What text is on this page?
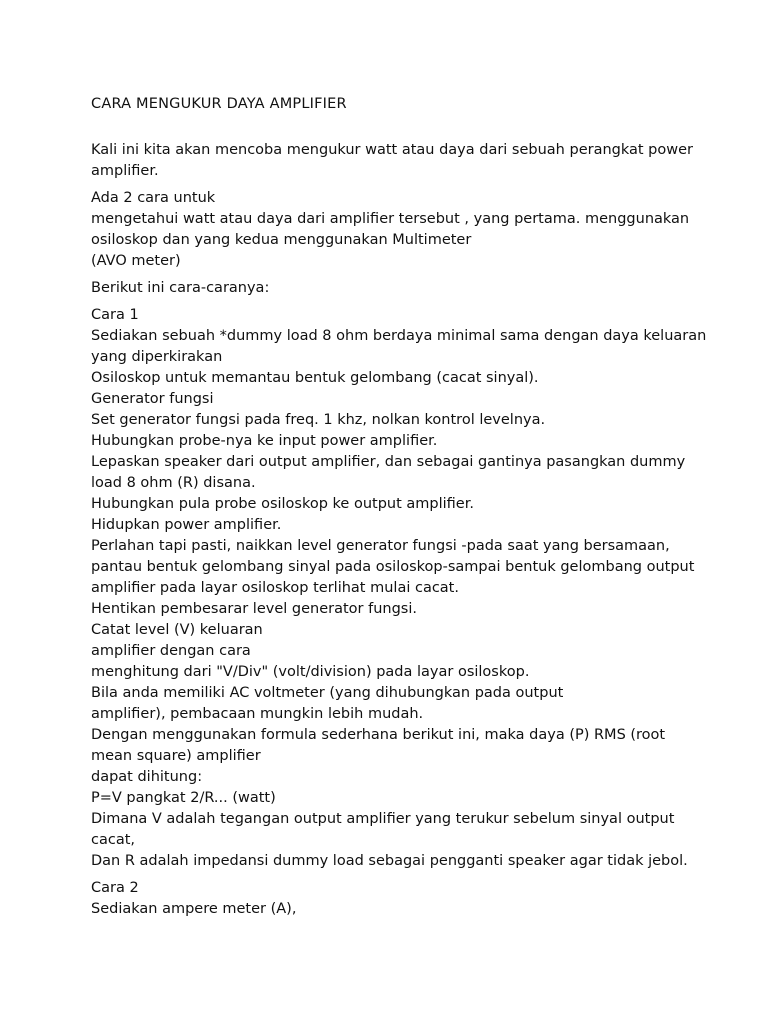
CARA MENGUKUR DAYA AMPLIFIER

Kali ini kita akan mencoba mengukur watt atau daya dari sebuah perangkat power
amplifier.

Ada 2 cara untuk
mengetahui watt atau daya dari amplifier tersebut , yang pertama. menggunakan
osiloskop dan yang kedua menggunakan Multimeter
(AVO meter)

Berikut ini cara-caranya:

Cara 1
Sediakan sebuah *dummy load 8 ohm berdaya minimal sama dengan daya keluaran
yang diperkirakan
Osiloskop untuk memantau bentuk gelombang (cacat sinyal).
Generator fungsi
Set generator fungsi pada freq. 1 khz, nolkan kontrol levelnya.
Hubungkan probe-nya ke input power amplifier.
Lepaskan speaker dari output amplifier, dan sebagai gantinya pasangkan dummy
load 8 ohm (R) disana.
Hubungkan pula probe osiloskop ke output amplifier.
Hidupkan power amplifier.
Perlahan tapi pasti, naikkan level generator fungsi -pada saat yang bersamaan,
pantau bentuk gelombang sinyal pada osiloskop-sampai bentuk gelombang output
amplifier pada layar osiloskop terlihat mulai cacat.
Hentikan pembesarar level generator fungsi.
Catat level (V) keluaran
amplifier dengan cara
menghitung dari "V/Div" (volt/division) pada layar osiloskop.
Bila anda memiliki AC voltmeter (yang dihubungkan pada output
amplifier), pembacaan mungkin lebih mudah.
Dengan menggunakan formula sederhana berikut ini, maka daya (P) RMS (root
mean square) amplifier
dapat dihitung:
P=V pangkat 2/R... (watt)
Dimana V adalah tegangan output amplifier yang terukur sebelum sinyal output
cacat,
Dan R adalah impedansi dummy load sebagai pengganti speaker agar tidak jebol.

Cara 2
Sediakan ampere meter (A),
